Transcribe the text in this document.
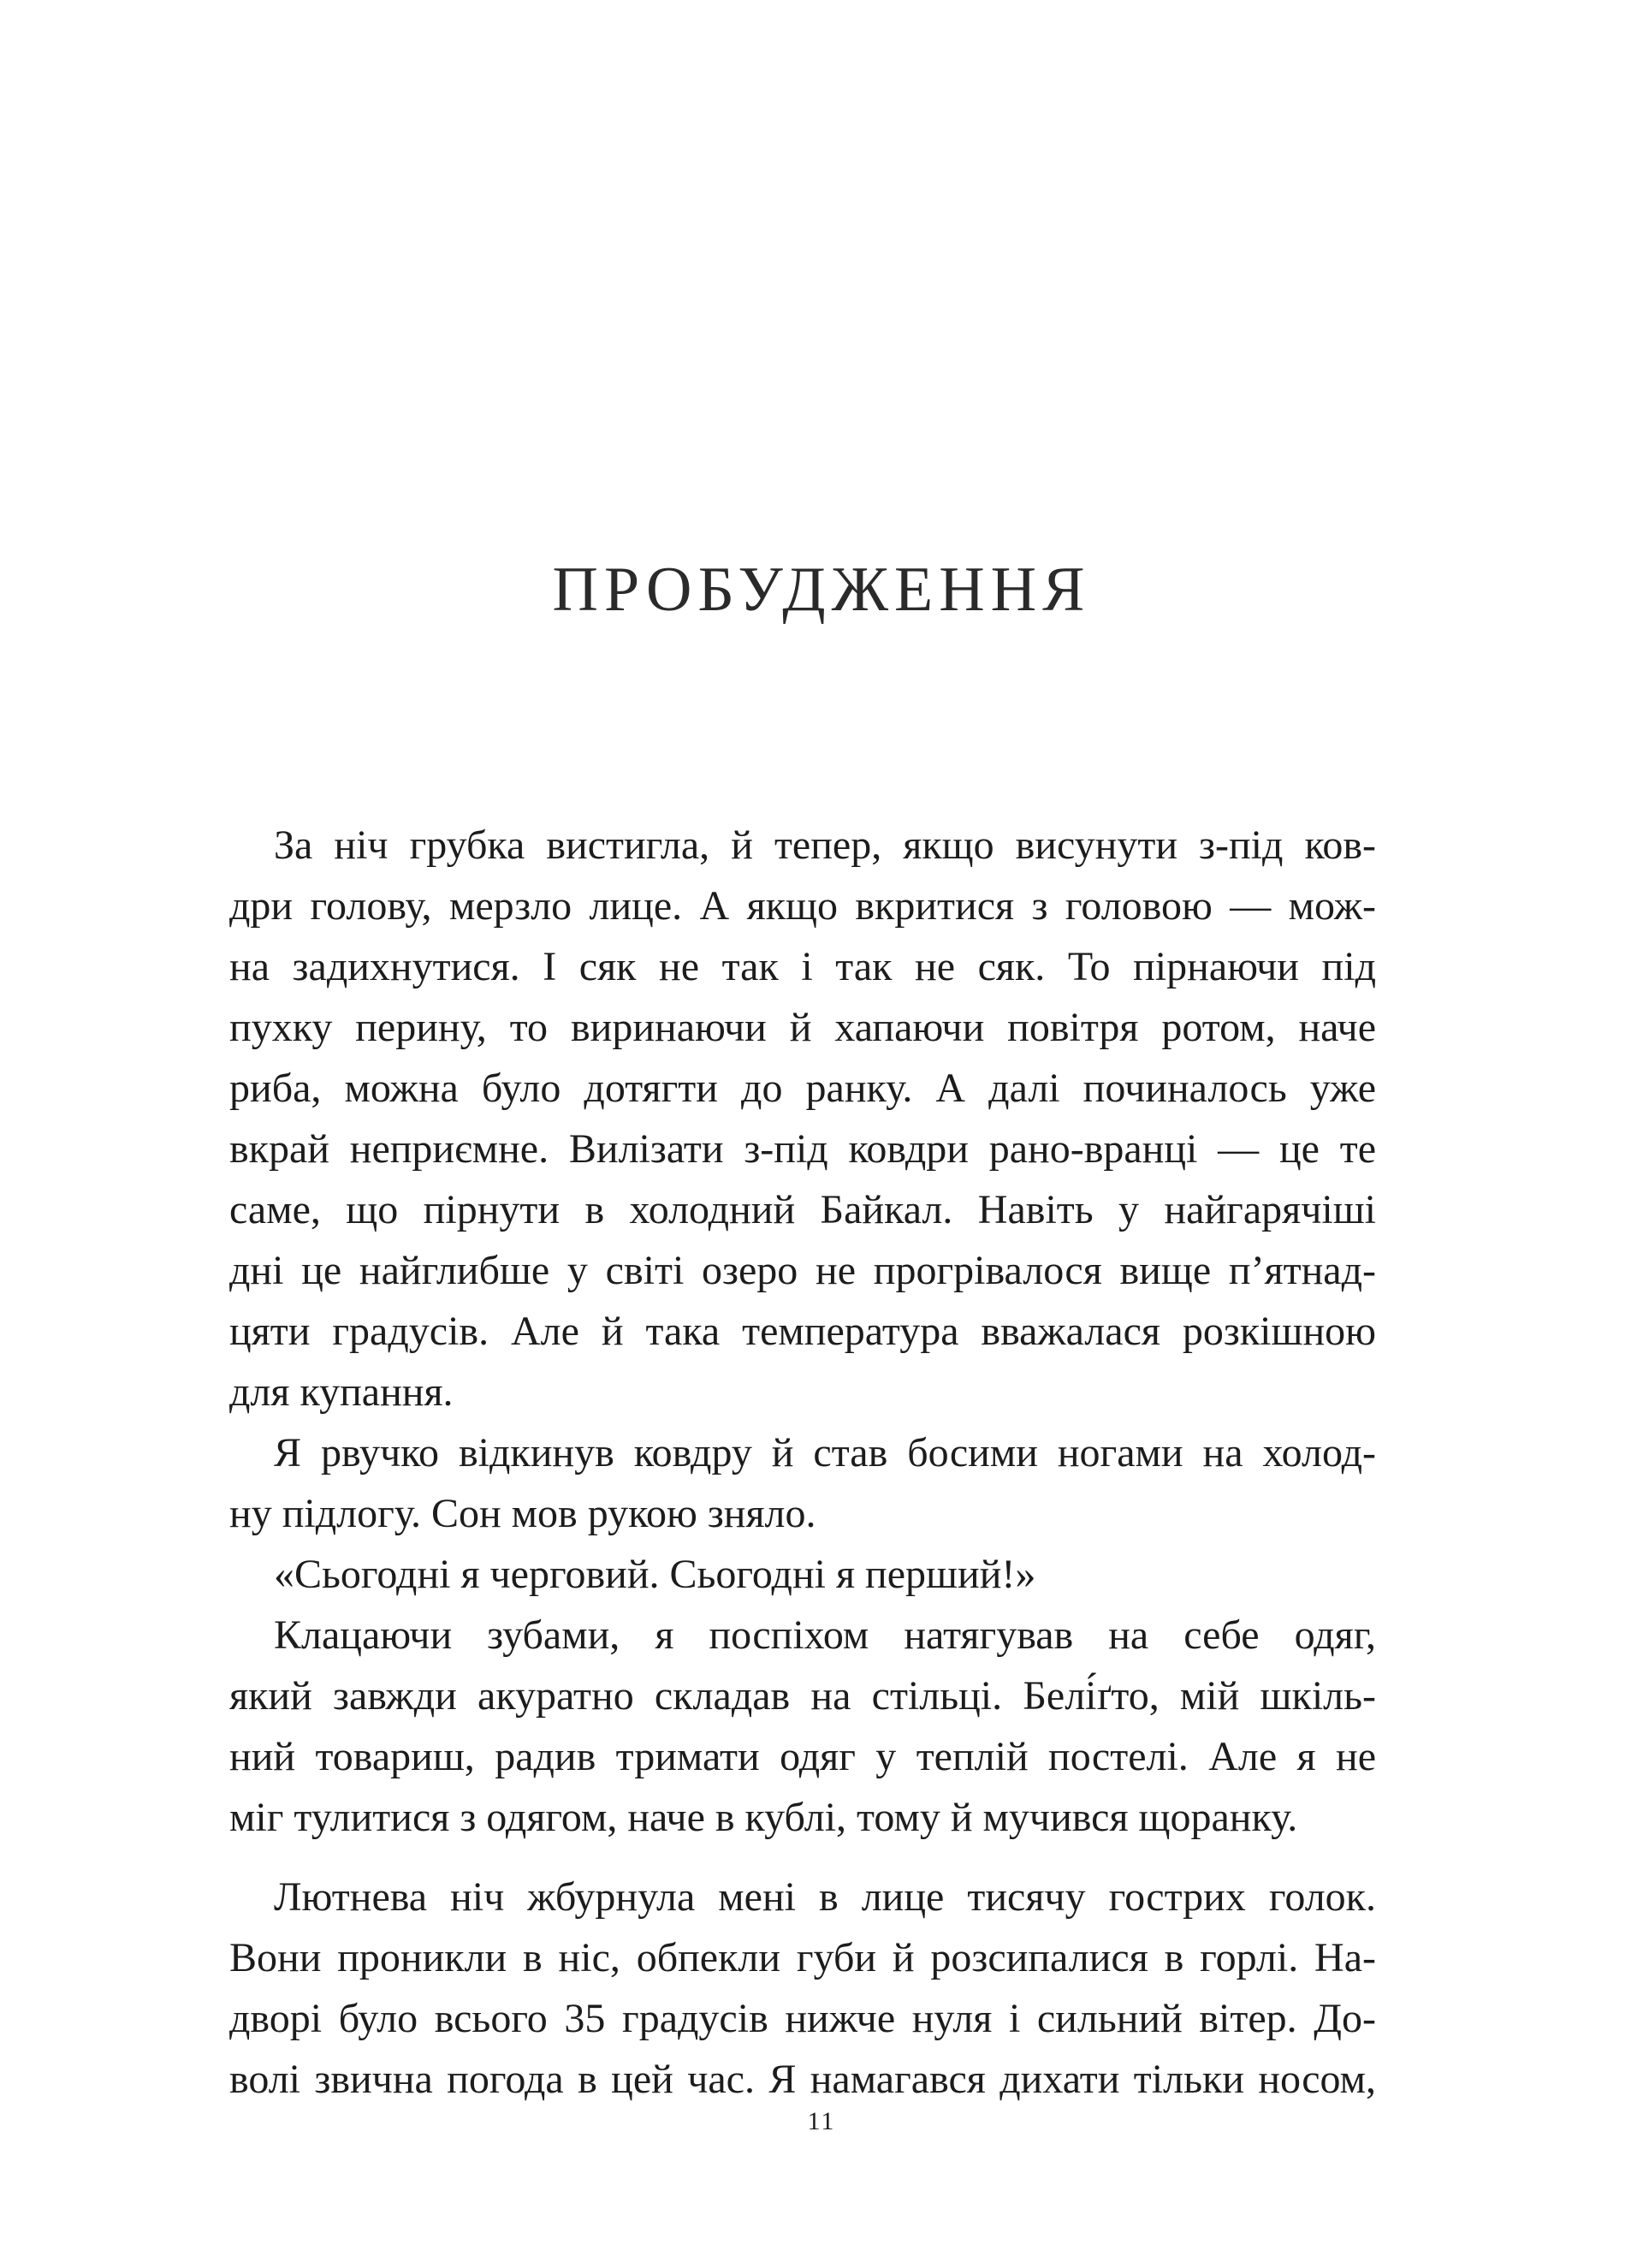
ПРОБУДЖЕННЯ
За ніч грубка вистигла, й тепер, якщо висунути з-під ков-
дри голову, мерзло лице. А якщо вкритися з головою — мож-
на задихнутися. І сяк не так і так не сяк. То пірнаючи під
пухку перину, то виринаючи й хапаючи повітря ротом, наче
риба, можна було дотягти до ранку. А далі починалось уже
вкрай неприємне. Вилізати з-під ковдри рано-вранці — це те
саме, що пірнути в холодний Байкал. Навіть у найгарячіші
дні це найглибше у світі озеро не прогрівалося вище п’ятнад-
цяти градусів. Але й така температура вважалася розкішною
для купання.
Я рвучко відкинув ковдру й став босими ногами на холод-
ну підлогу. Сон мов рукою зняло.
«Сьогодні я черговий. Сьогодні я перший!»
Клацаючи зубами, я поспіхом натягував на себе одяг,
який завжди акуратно складав на стільці. Белі́ґто, мій шкіль-
ний товариш, радив тримати одяг у теплій постелі. Але я не
міг тулитися з одягом, наче в кублі, тому й мучився щоранку.
Лютнева ніч жбурнула мені в лице тисячу гострих голок.
Вони проникли в ніс, обпекли губи й розсипалися в горлі. На-
дворі було всього 35 градусів нижче нуля і сильний вітер. До-
волі звична погода в цей час. Я намагався дихати тільки носом,
11
